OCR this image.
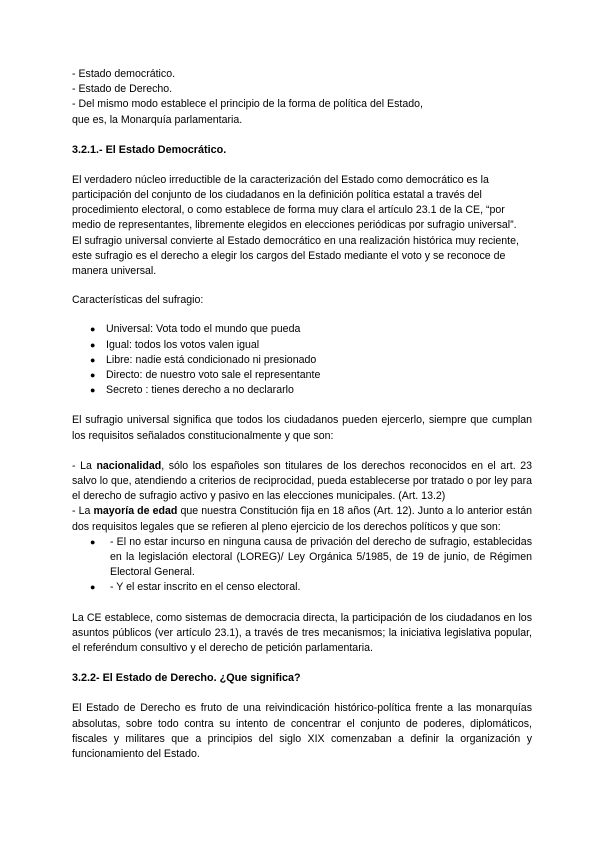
- Estado democrático.

- Estado de Derecho.

- Del mismo modo establece el principio de la forma de política del Estado,

que es, la Monarquía parlamentaria.

3.2.1.- El Estado Democrático.

El verdadero núcleo irreductible de la caracterización del Estado como democrático es la participación del conjunto de los ciudadanos en la definición política estatal a través del procedimiento electoral, o como establece de forma muy clara el artículo 23.1 de la CE, “por medio de representantes, libremente elegidos en elecciones periódicas por sufragio universal”.

El sufragio universal convierte al Estado democrático en una realización histórica muy reciente, este sufragio es el derecho a elegir los cargos del Estado mediante el voto y se reconoce de manera universal.

Características del sufragio:

● Universal: Vota todo el mundo que pueda
● Igual: todos los votos valen igual
● Libre: nadie está condicionado ni presionado
● Directo: de nuestro voto sale el representante
● Secreto : tienes derecho a no declararlo

El sufragio universal significa que todos los ciudadanos pueden ejercerlo, siempre que cumplan los requisitos señalados constitucionalmente y que son:

- La nacionalidad, sólo los españoles son titulares de los derechos reconocidos en el art. 23 salvo lo que, atendiendo a criterios de reciprocidad, pueda establecerse por tratado o por ley para el derecho de sufragio activo y pasivo en las elecciones municipales. (Art. 13.2)

- La mayoría de edad que nuestra Constitución fija en 18 años (Art. 12). Junto a lo anterior están dos requisitos legales que se refieren al pleno ejercicio de los derechos políticos y que son:

● - El no estar incurso en ninguna causa de privación del derecho de sufragio, establecidas en la legislación electoral (LOREG)/ Ley Orgánica 5/1985, de 19 de junio, de Régimen Electoral General.
● - Y el estar inscrito en el censo electoral.

La CE establece, como sistemas de democracia directa, la participación de los ciudadanos en los asuntos públicos (ver artículo 23.1), a través de tres mecanismos; la iniciativa legislativa popular, el referéndum consultivo y el derecho de petición parlamentaria.

3.2.2- El Estado de Derecho. ¿Que significa?

El Estado de Derecho es fruto de una reivindicación histórico-política frente a las monarquías absolutas, sobre todo contra su intento de concentrar el conjunto de poderes, diplomáticos, fiscales y militares que a principios del siglo XIX comenzaban a definir la organización y funcionamiento del Estado.
